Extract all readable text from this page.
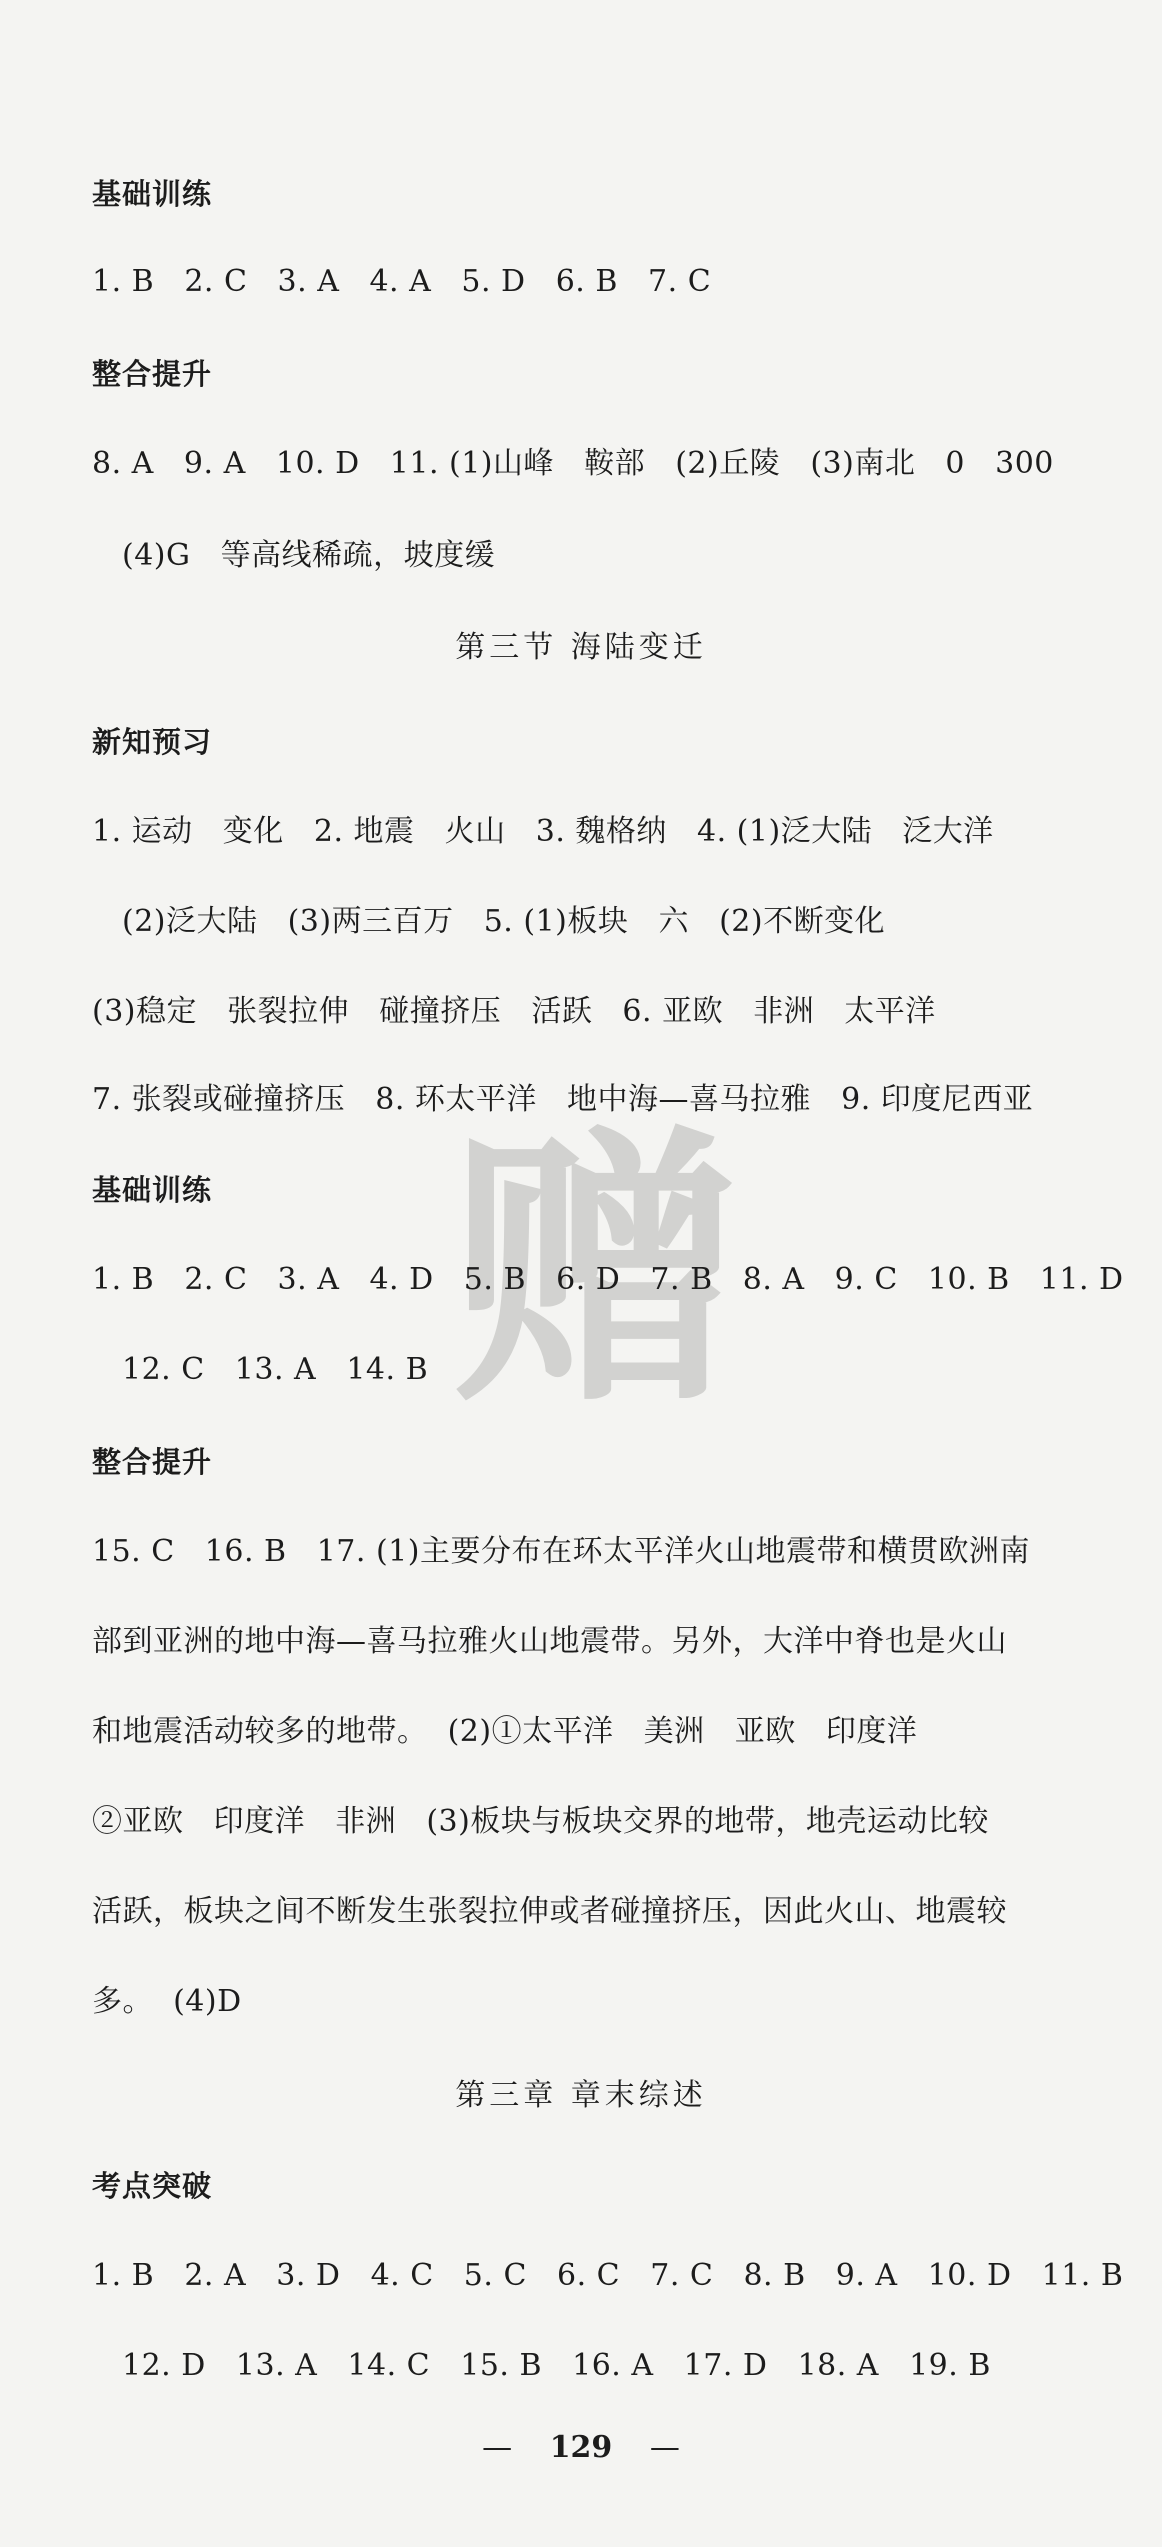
赠
基础训练
1. B   2. C   3. A   4. A   5. D   6. B   7. C
整合提升
8. A   9. A   10. D   11. (1)山峰   鞍部   (2)丘陵   (3)南北   0   300
(4)G   等高线稀疏，坡度缓
第三节 海陆变迁
新知预习
1. 运动   变化   2. 地震   火山   3. 魏格纳   4. (1)泛大陆   泛大洋
(2)泛大陆   (3)两三百万   5. (1)板块   六   (2)不断变化
(3)稳定   张裂拉伸   碰撞挤压   活跃   6. 亚欧   非洲   太平洋
7. 张裂或碰撞挤压   8. 环太平洋   地中海—喜马拉雅   9. 印度尼西亚
基础训练
1. B   2. C   3. A   4. D   5. B   6. D   7. B   8. A   9. C   10. B   11. D
12. C   13. A   14. B
整合提升
15. C   16. B   17. (1)主要分布在环太平洋火山地震带和横贯欧洲南
部到亚洲的地中海—喜马拉雅火山地震带。另外，大洋中脊也是火山
和地震活动较多的地带。  (2)①太平洋   美洲   亚欧   印度洋
②亚欧   印度洋   非洲   (3)板块与板块交界的地带，地壳运动比较
活跃，板块之间不断发生张裂拉伸或者碰撞挤压，因此火山、地震较
多。  (4)D
第三章 章末综述
考点突破
1. B   2. A   3. D   4. C   5. C   6. C   7. C   8. B   9. A   10. D   11. B
12. D   13. A   14. C   15. B   16. A   17. D   18. A   19. B
— 129 —
